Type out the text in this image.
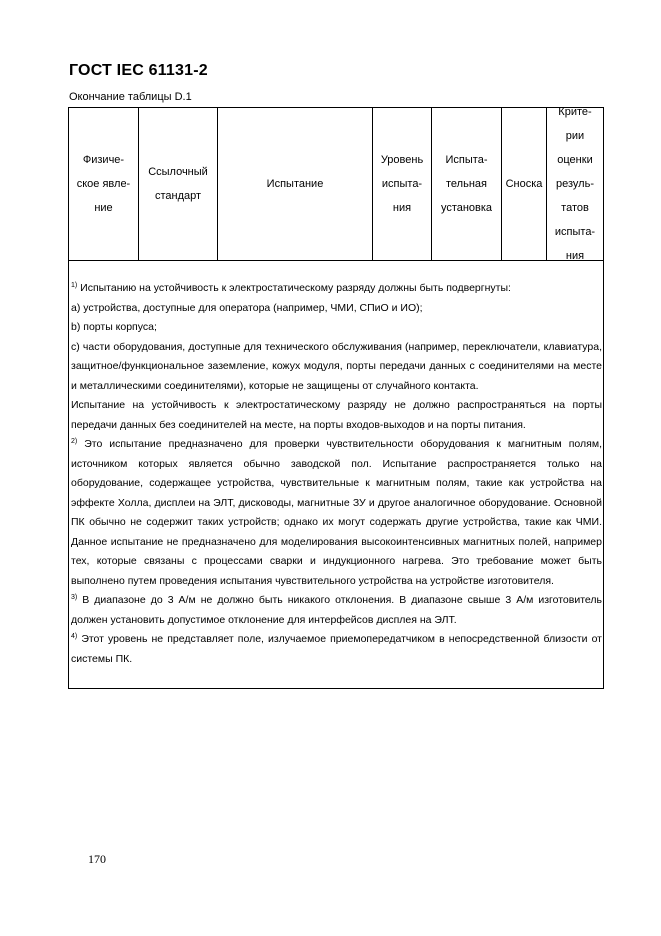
ГОСТ IEC 61131-2
Окончание таблицы D.1
Физиче-
ское явле-
ние
Ссылочный
стандарт
Испытание
Уровень
испыта-
ния
Испыта-
тельная
установка
Сноска
Крите-
рии
оценки
резуль-
татов
испыта-
ния

$^{1)}$ Испытанию на устойчивость к электростатическому разряду должны быть подвергнуты:

a) устройства, доступные для оператора (например, ЧМИ, СПиО и ИО);

b) порты корпуса;

c) части оборудования, доступные для технического обслуживания (например, переключатели, клавиатура, защитное/функциональное заземление, кожух модуля, порты передачи данных с соединителями на месте и металлическими соединителями), которые не защищены от случайного контакта.

Испытание на устойчивость к электростатическому разряду не должно распространяться на порты передачи данных без соединителей на месте, на порты входов-выходов и на порты питания.

$^{2)}$ Это испытание предназначено для проверки чувствительности оборудования к магнитным полям, источником которых является обычно заводской пол. Испытание распространяется только на оборудование, содержащее устройства, чувствительные к магнитным полям, такие как устройства на эффекте Холла, дисплеи на ЭЛТ, дисководы, магнитные ЗУ и другое аналогичное оборудование. Основной ПК обычно не содержит таких устройств; однако их могут содержать другие устройства, такие как ЧМИ. Данное испытание не предназначено для моделирования высокоинтенсивных магнитных полей, например тех, которые связаны с процессами сварки и индукционного нагрева. Это требование может быть выполнено путем проведения испытания чувствительного устройства на устройстве изготовителя.

$^{3)}$ В диапазоне до 3 А/м не должно быть никакого отклонения. В диапазоне свыше 3 А/м изготовитель должен установить допустимое отклонение для интерфейсов дисплея на ЭЛТ.

$^{4)}$ Этот уровень не представляет поле, излучаемое приемопередатчиком в непосредственной близости от системы ПК.

170
